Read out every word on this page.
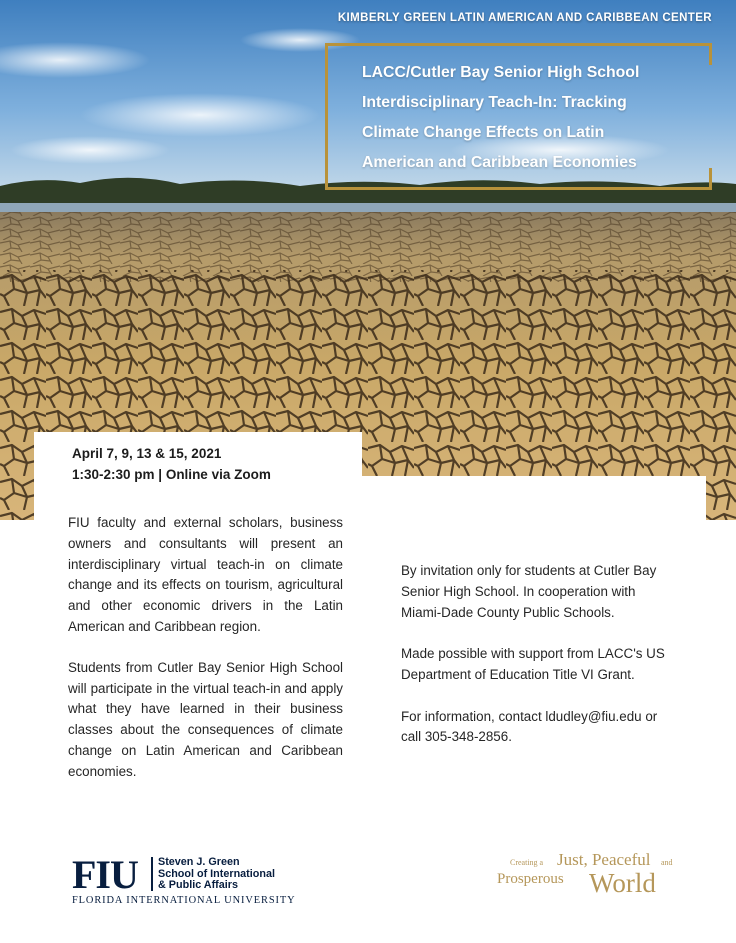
KIMBERLY GREEN LATIN AMERICAN AND CARIBBEAN CENTER
LACC/Cutler Bay Senior High School
Interdisciplinary Teach-In: Tracking
Climate Change Effects on Latin
American and Caribbean Economies
April 7, 9, 13 & 15, 2021
1:30-2:30 pm | Online via Zoom

FIU faculty and external scholars, business owners and consultants will present an interdisciplinary virtual teach-in on climate change and its effects on tourism, agricultural and other economic drivers in the Latin American and Caribbean region.

Students from Cutler Bay Senior High School will participate in the virtual teach-in and apply what they have learned in their business classes about the consequences of climate change on Latin American and Caribbean economies.

By invitation only for students at Cutler Bay Senior High School. In cooperation with Miami-Dade County Public Schools.

Made possible with support from LACC's US Department of Education Title VI Grant.

For information, contact ldudley@fiu.edu or call 305-348-2856.

FIU Steven J. Green
School of International
& Public Affairs
FLORIDA INTERNATIONAL UNIVERSITY
Creating a Just, Peaceful and
Prosperous World
